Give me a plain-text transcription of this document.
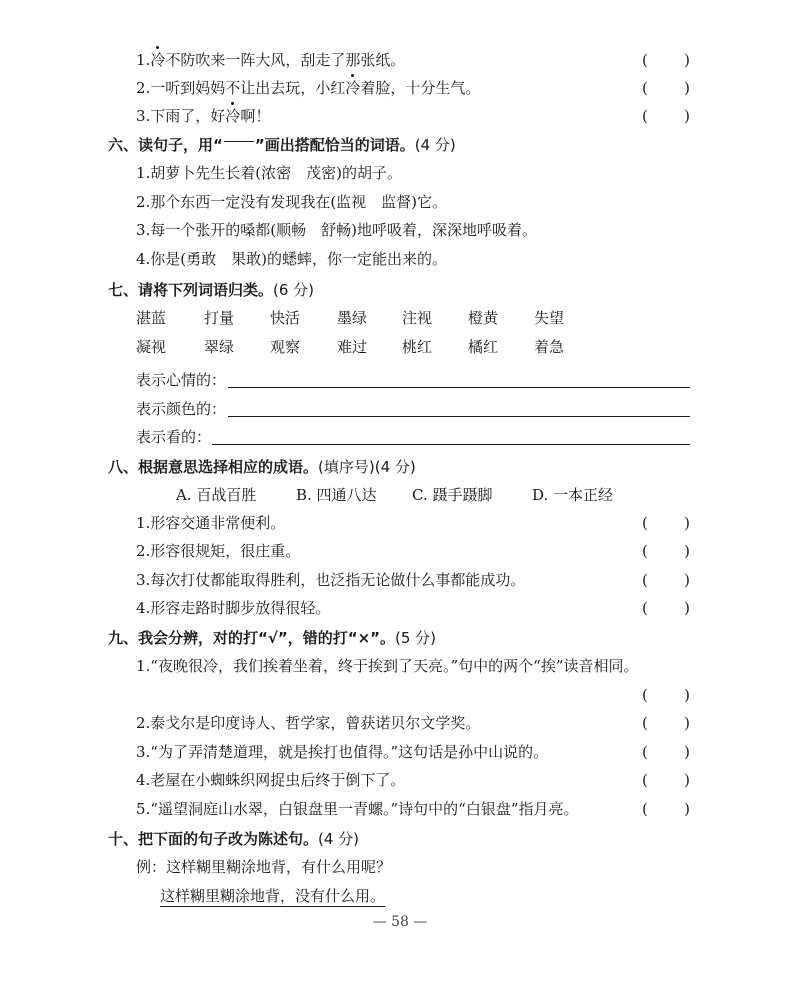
1.冷不防吹来一阵大风，刮走了那张纸。	( )
2.一听到妈妈不让出去玩，小红冷着脸，十分生气。	( )
3.下雨了，好冷啊！	( )
六、读句子，用“ ”画出搭配恰当的词语。(4 分)
1.胡萝卜先生长着(浓密　茂密)的胡子。
2.那个东西一定没有发现我在(监视　监督)它。
3.每一个张开的嗓都(顺畅　舒畅)地呼吸着，深深地呼吸着。
4.你是(勇敢　果敢)的蟋蟀，你一定能出来的。
七、请将下列词语归类。(6 分)
湛蓝	打量 快活 墨绿 注视 橙黄 失望
凝视	翠绿 观察 难过 桃红 橘红 着急
表示心情的：
表示颜色的：
表示看的：
八、根据意思选择相应的成语。(填序号)(4 分)
A. 百战百胜	B. 四通八达 C. 蹑手蹑脚	D. 一本正经
1.形容交通非常便利。	( )
2.形容很规矩，很庄重。	( )
3.每次打仗都能取得胜利，也泛指无论做什么事都能成功。	( )
4.形容走路时脚步放得很轻。	( )
九、我会分辨，对的打“√”，错的打“×”。(5 分)
1.“夜晚很冷，我们挨着坐着，终于挨到了天亮。”句中的两个“挨”读音相同。
( )
2.泰戈尔是印度诗人、哲学家，曾获诺贝尔文学奖。	( )
3.“为了弄清楚道理，就是挨打也值得。”这句话是孙中山说的。	( )
4.老屋在小蜘蛛织网捉虫后终于倒下了。	( )
5.“遥望洞庭山水翠，白银盘里一青螺。”诗句中的“白银盘”指月亮。	( )
十、把下面的句子改为陈述句。(4 分)
例：这样糊里糊涂地背，有什么用呢？
这样糊里糊涂地背，没有什么用。
— 58 —
